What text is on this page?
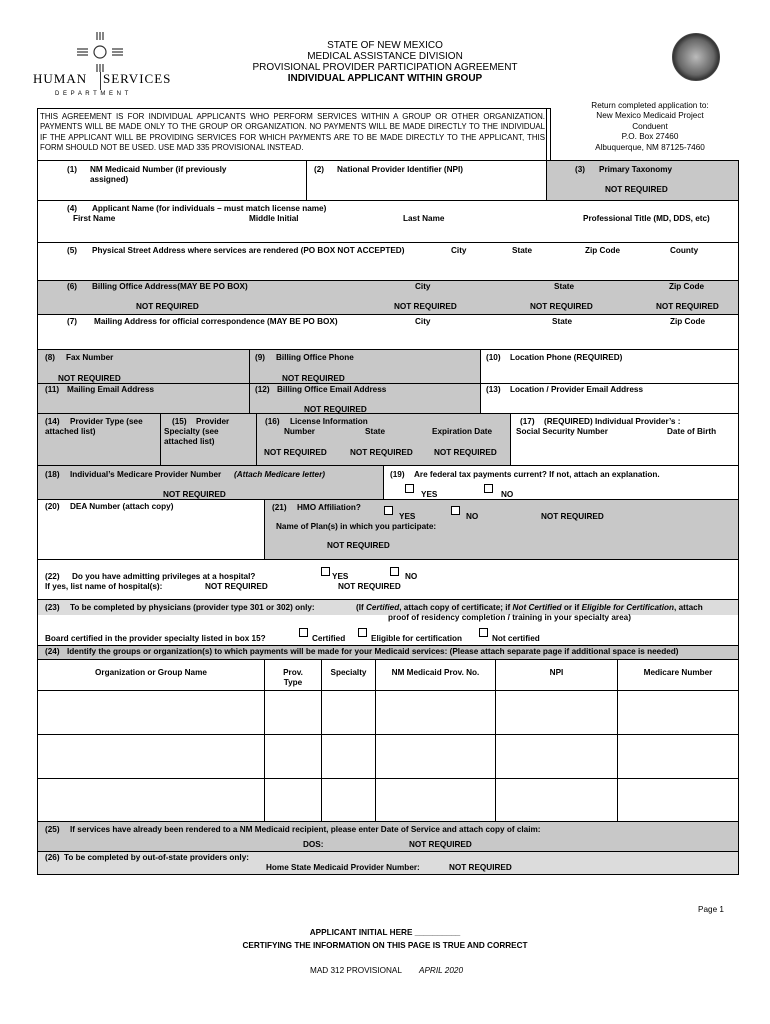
HUMAN SERVICES
D E P A R T M E N T
STATE OF NEW MEXICO
MEDICAL ASSISTANCE DIVISION
PROVISIONAL PROVIDER PARTICIPATION AGREEMENT
INDIVIDUAL APPLICANT WITHIN GROUP
Return completed application to:
New Mexico Medicaid Project
Conduent
P.O. Box 27460
Albuquerque, NM 87125-7460
THIS AGREEMENT IS FOR INDIVIDUAL APPLICANTS WHO PERFORM SERVICES WITHIN A GROUP OR OTHER ORGANIZATION. PAYMENTS WILL BE MADE ONLY TO THE GROUP OR ORGANIZATION. NO PAYMENTS WILL BE MADE DIRECTLY TO THE INDIVIDUAL IF THE APPLICANT WILL BE PROVIDING SERVICES FOR WHICH PAYMENTS ARE TO BE MADE DIRECTLY TO THE APPLICANT, THIS FORM SHOULD NOT BE USED. USE MAD 335 PROVISIONAL INSTEAD.
(1) NM Medicaid Number (if previously
assigned)
(2) National Provider Identifier (NPI)	(3) Primary Taxonomy
NOT REQUIRED
(4) Applicant Name (for individuals – must match license name)
First Name	Middle Initial	Last Name	Professional Title (MD, DDS, etc)
(5) Physical Street Address where services are rendered (PO BOX NOT ACCEPTED)	City	State	Zip Code	County
(6) Billing Office Address(MAY BE PO BOX)	City	State	Zip Code
NOT REQUIRED	NOT REQUIRED	NOT REQUIRED	NOT REQUIRED
(7) Mailing Address for official correspondence (MAY BE PO BOX)	City	State	Zip Code
(8) Fax Number
NOT REQUIRED
(9) Billing Office Phone
NOT REQUIRED
(10) Location Phone (REQUIRED)
(11) Mailing Email Address	(12) Billing Office Email Address
NOT REQUIRED
(13) Location / Provider Email Address
(14) Provider Type (see
attached list)
(15) Provider
Specialty (see
attached list)
(16) License Information
Number	State	Expiration Date
NOT REQUIRED	NOT REQUIRED	NOT REQUIRED
(17) (REQUIRED) Individual Provider’s :
Social Security Number	Date of Birth
(18) Individual’s Medicare Provider Number (Attach Medicare letter)
NOT REQUIRED
(19) Are federal tax payments current? If not, attach an explanation.
YES	NO
(20) DEA Number (attach copy)	(21) HMO Affiliation?
YES	NO	NOT REQUIRED
Name of Plan(s) in which you participate:
NOT REQUIRED
(22) Do you have admitting privileges at a hospital?	YES	NO
If yes, list name of hospital(s):	NOT REQUIRED	NOT REQUIRED
(23) To be completed by physicians (provider type 301 or 302) only:	(If Certified, attach copy of certificate; if Not Certified or if Eligible for Certification, attach
proof of residency completion / training in your specialty area)
Board certified in the provider specialty listed in box 15?	Certified	Eligible for certification	Not certified
(24) Identify the groups or organization(s) to which payments will be made for your Medicaid services: (Please attach separate page if additional space is needed)
Organization or Group Name	Prov.
Type
Specialty	NM Medicaid Prov. No.	NPI	Medicare Number
(25) If services have already been rendered to a NM Medicaid recipient, please enter Date of Service and attach copy of claim:
DOS:	NOT REQUIRED
(26) To be completed by out-of-state providers only:
Home State Medicaid Provider Number:	NOT REQUIRED
Page 1
APPLICANT INITIAL HERE __________
CERTIFYING THE INFORMATION ON THIS PAGE IS TRUE AND CORRECT
MAD 312 PROVISIONAL APRIL 2020
